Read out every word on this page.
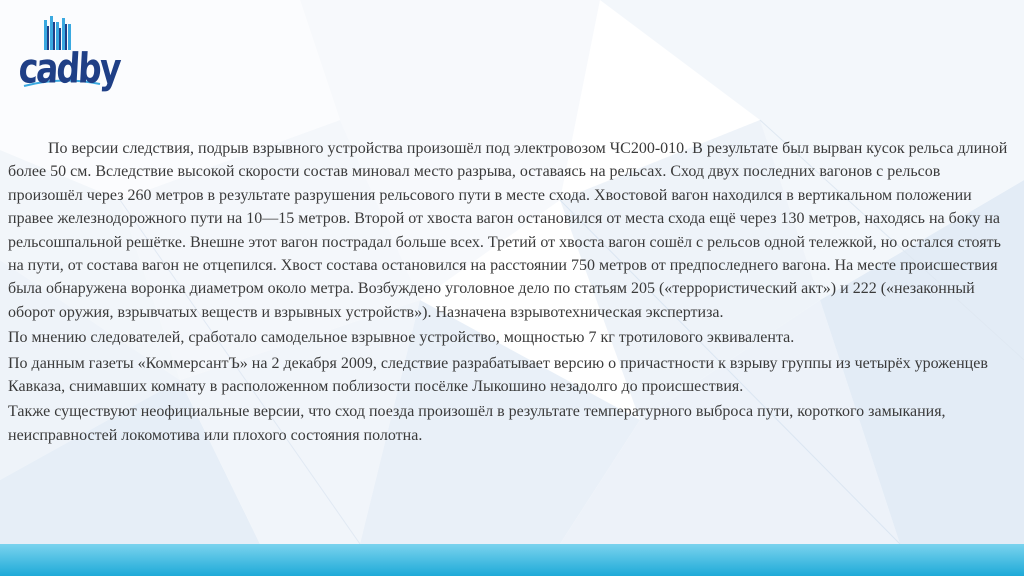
cadby

По версии следствия, подрыв взрывного устройства произошёл под электровозом ЧС200-010. В результате был вырван кусок рельса длиной более 50 см. Вследствие высокой скорости состав миновал место разрыва, оставаясь на рельсах. Сход двух последних вагонов с рельсов произошёл через 260 метров в результате разрушения рельсового пути в месте схода. Хвостовой вагон находился в вертикальном положении правее железнодорожного пути на 10—15 метров. Второй от хвоста вагон остановился от места схода ещё через 130 метров, находясь на боку на рельсошпальной решётке. Внешне этот вагон пострадал больше всех. Третий от хвоста вагон сошёл с рельсов одной тележкой, но остался стоять на пути, от состава вагон не отцепился. Хвост состава остановился на расстоянии 750 метров от предпоследнего вагона. На месте происшествия была обнаружена воронка диаметром около метра. Возбуждено уголовное дело по статьям 205 («террористический акт») и 222 («незаконный оборот оружия, взрывчатых веществ и взрывных устройств»). Назначена взрывотехническая экспертиза.

По мнению следователей, сработало самодельное взрывное устройство, мощностью 7 кг тротилового эквивалента.

По данным газеты «КоммерсантЪ» на 2 декабря 2009, следствие разрабатывает версию о причастности к взрыву группы из четырёх уроженцев Кавказа, снимавших комнату в расположенном поблизости посёлке Лыкошино незадолго до происшествия.

Также существуют неофициальные версии, что сход поезда произошёл в результате температурного выброса пути, короткого замыкания, неисправностей локомотива или плохого состояния полотна.
